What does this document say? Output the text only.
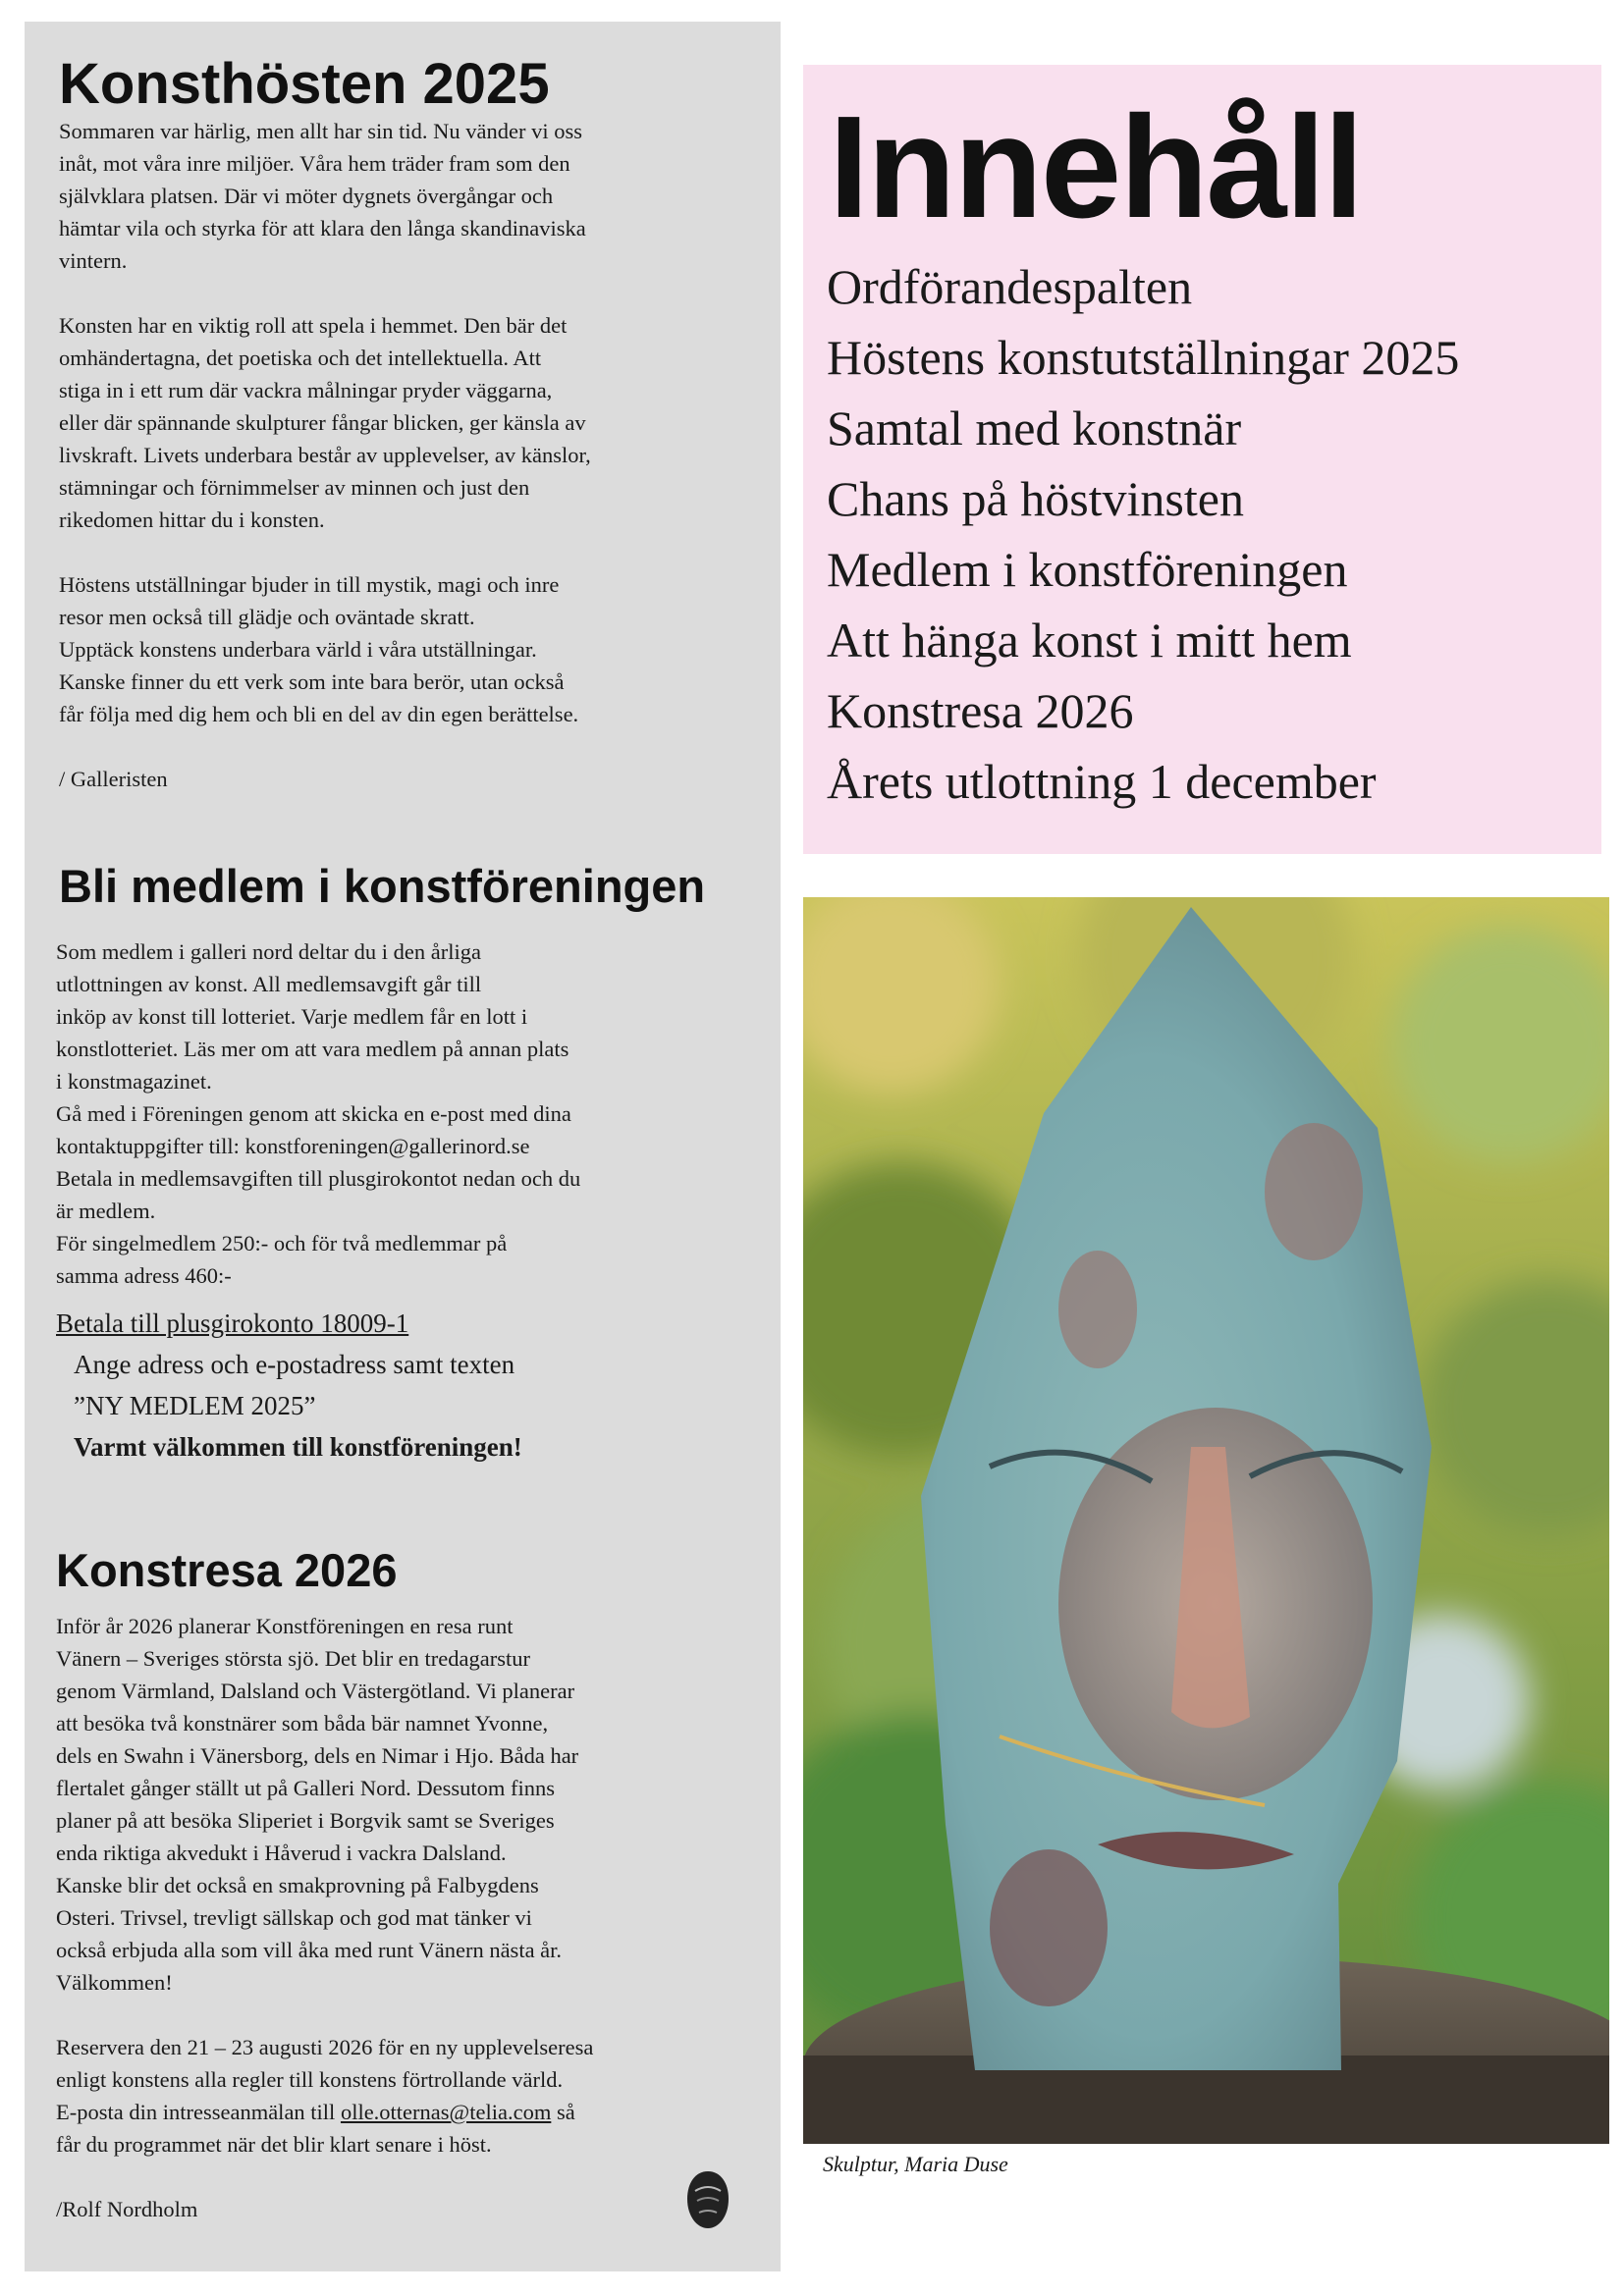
Konsthösten 2025

Sommaren var härlig, men allt har sin tid. Nu vänder vi oss
inåt, mot våra inre miljöer. Våra hem träder fram som den
självklara platsen. Där vi möter dygnets övergångar och
hämtar vila och styrka för att klara den långa skandinaviska
vintern.

Konsten har en viktig roll att spela i hemmet. Den bär det
omhändertagna, det poetiska och det intellektuella. Att
stiga in i ett rum där vackra målningar pryder väggarna,
eller där spännande skulpturer fångar blicken, ger känsla av
livskraft. Livets underbara består av upplevelser, av känslor,
stämningar och förnimmelser av minnen och just den
rikedomen hittar du i konsten.

Höstens utställningar bjuder in till mystik, magi och inre
resor men också till glädje och oväntade skratt.
Upptäck konstens underbara värld i våra utställningar.
Kanske finner du ett verk som inte bara berör, utan också
får följa med dig hem och bli en del av din egen berättelse.

/ Galleristen

Bli medlem i konstföreningen

Som medlem i galleri nord deltar du i den årliga
utlottningen av konst. All medlemsavgift går till
inköp av konst till lotteriet. Varje medlem får en lott i
konstlotteriet. Läs mer om att vara medlem på annan plats
i konstmagazinet.
Gå med i Föreningen genom att skicka en e-post med dina
kontaktuppgifter till: konstforeningen@gallerinord.se
Betala in medlemsavgiften till plusgirokontot nedan och du
är medlem.
För singelmedlem 250:- och för två medlemmar på
samma adress 460:-

Betala till plusgirokonto 18009-1
Ange adress och e-postadress samt texten
”NY MEDLEM 2025”
Varmt välkommen till konstföreningen!
Konstresa 2026

Inför år 2026 planerar Konstföreningen en resa runt
Vänern – Sveriges största sjö. Det blir en tredagarstur
genom Värmland, Dalsland och Västergötland. Vi planerar
att besöka två konstnärer som båda bär namnet Yvonne,
dels en Swahn i Vänersborg, dels en Nimar i Hjo. Båda har
flertalet gånger ställt ut på Galleri Nord. Dessutom finns
planer på att besöka Sliperiet i Borgvik samt se Sveriges
enda riktiga akvedukt i Håverud i vackra Dalsland.
Kanske blir det också en smakprovning på Falbygdens
Osteri. Trivsel, trevligt sällskap och god mat tänker vi
också erbjuda alla som vill åka med runt Vänern nästa år.
Välkommen!

Reservera den 21 – 23 augusti 2026 för en ny upplevelseresa
enligt konstens alla regler till konstens förtrollande värld.
E-posta din intresseanmälan till olle.otternas@telia.com så
får du programmet när det blir klart senare i höst.

/Rolf Nordholm
Innehåll
Ordförandespalten
Höstens konstutställningar 2025
Samtal med konstnär
Chans på höstvinsten
Medlem i konstföreningen
Att hänga konst i mitt hem
Konstresa 2026
Årets utlottning 1 december
Skulptur, Maria Duse
